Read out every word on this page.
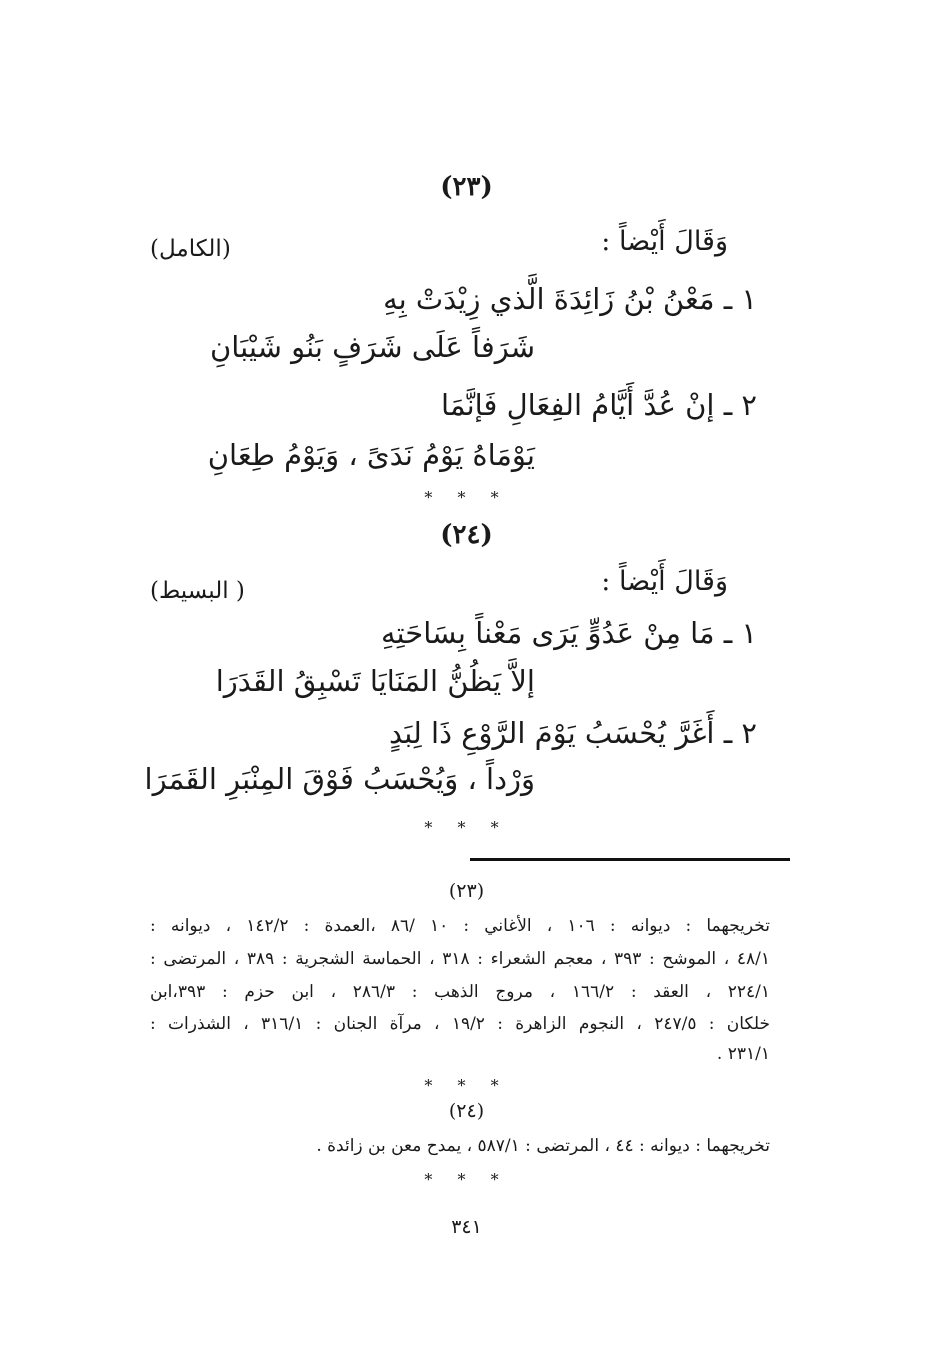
(٢٣)
وَقَالَ أَيْضاً :
(الكامل)
١ ـ مَعْنُ بْنُ زَائِدَةَ الَّذي زِيْدَتْ بِهِ
شَرَفاً عَلَى شَرَفٍ بَنُو شَيْبَانِ
٢ ـ إنْ عُدَّ أَيَّامُ الفِعَالِ فَإنَّمَا
يَوْمَاهُ يَوْمُ نَدَىً ، وَيَوْمُ طِعَانِ
* * *
(٢٤)
وَقَالَ أَيْضاً :
( البسيط)
١ ـ مَا مِنْ عَدُوٍّ يَرَى مَعْناً بِسَاحَتِهِ
إلاَّ يَظُنُّ المَنَايَا تَسْبِقُ القَدَرَا
٢ ـ أَغَرَّ يُحْسَبُ يَوْمَ الرَّوْعِ ذَا لِبَدٍ
وَرْداً ، وَيُحْسَبُ فَوْقَ المِنْبَرِ القَمَرَا
* * *
(٢٣)
تخريجهما : ديوانه : ١٠٦ ، الأغاني : ١٠ /٨٦ ،العمدة : ١٤٢/٢ ، ديوانه :
٤٨/١ ، الموشح : ٣٩٣ ، معجم الشعراء : ٣١٨ ، الحماسة الشجرية : ٣٨٩ ، المرتضى :
٢٢٤/١ ، العقد : ١٦٦/٢ ، مروج الذهب : ٢٨٦/٣ ، ابن حزم : ٣٩٣،ابن
خلكان : ٢٤٧/٥ ، النجوم الزاهرة : ١٩/٢ ، مرآة الجنان : ٣١٦/١ ، الشذرات :
٢٣١/١ .
* * *
(٢٤)
تخريجهما : ديوانه : ٤٤ ، المرتضى : ٥٨٧/١ ، يمدح معن بن زائدة .
* * *
٣٤١
